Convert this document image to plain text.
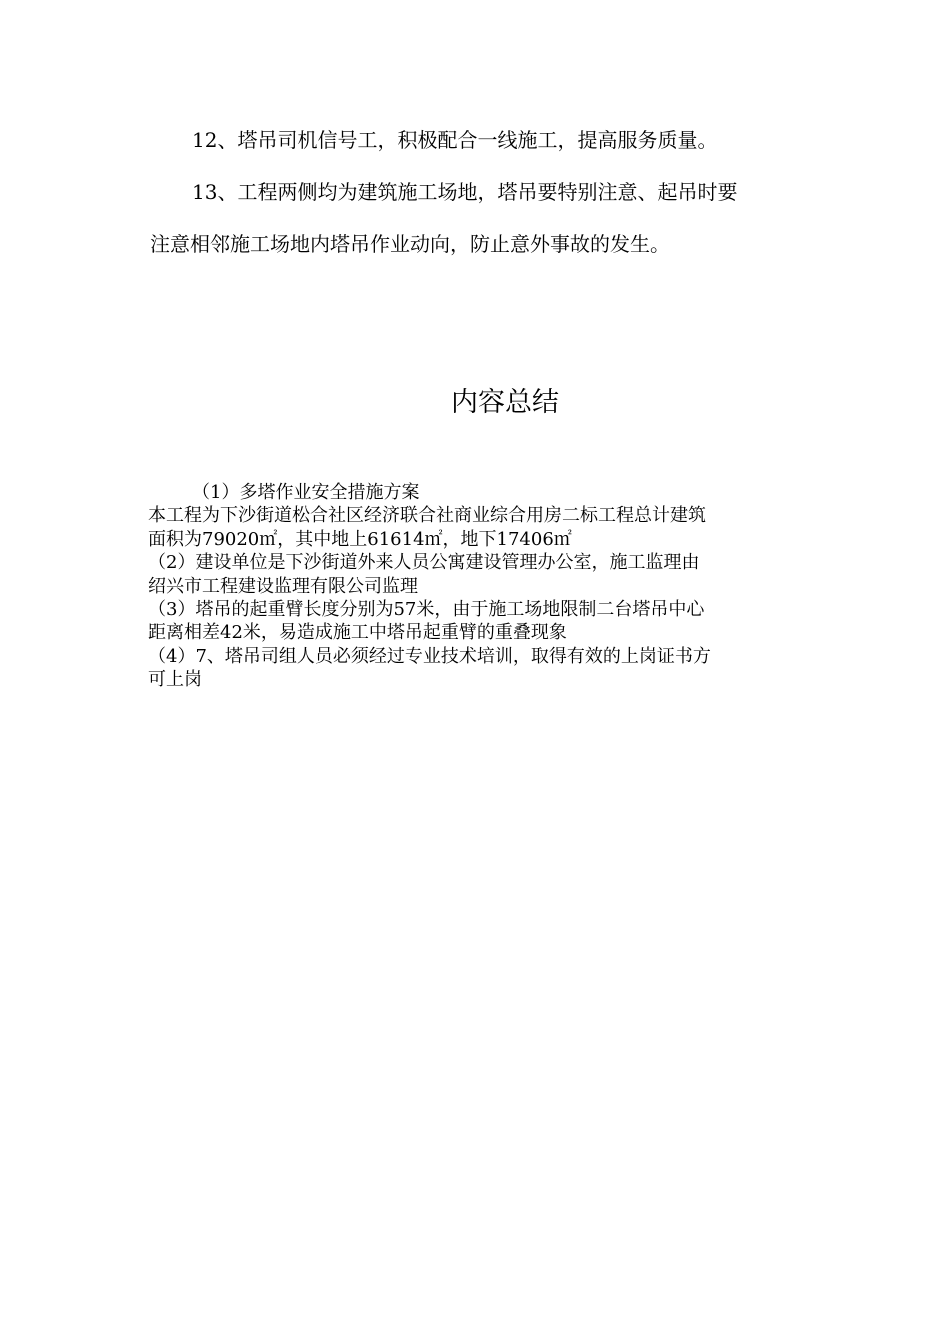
12、塔吊司机信号工，积极配合一线施工，提高服务质量。

13、工程两侧均为建筑施工场地，塔吊要特别注意、起吊时要

注意相邻施工场地内塔吊作业动向，防止意外事故的发生。

内容总结
（1）多塔作业安全措施方案
本工程为下沙街道松合社区经济联合社商业综合用房二标工程总计建筑
面积为79020㎡，其中地上61614㎡，地下17406㎡
（2）建设单位是下沙街道外来人员公寓建设管理办公室，施工监理由
绍兴市工程建设监理有限公司监理
（3）塔吊的起重臂长度分别为57米，由于施工场地限制二台塔吊中心
距离相差42米，易造成施工中塔吊起重臂的重叠现象
（4）7、塔吊司组人员必须经过专业技术培训，取得有效的上岗证书方
可上岗
